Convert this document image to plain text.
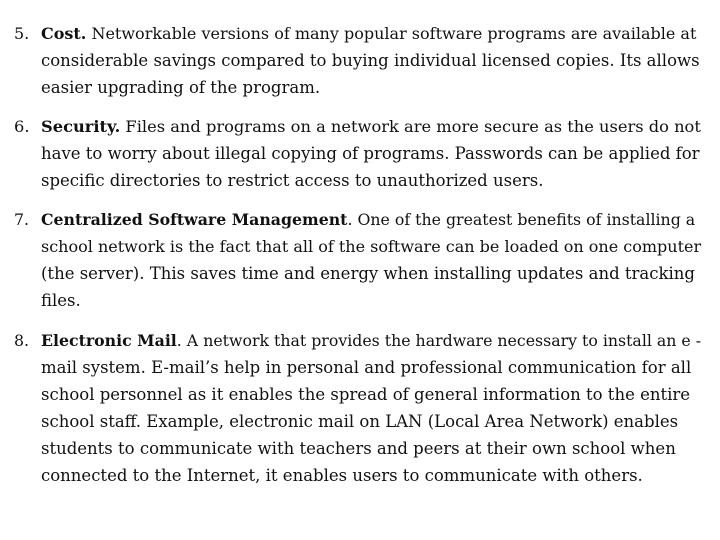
5. Cost. Networkable versions of many popular software programs are available at
considerable savings compared to buying individual licensed copies. Its allows
easier upgrading of the program.
6. Security. Files and programs on a network are more secure as the users do not
have to worry about illegal copying of programs. Passwords can be applied for
specific directories to restrict access to unauthorized users.
7. Centralized Software Management. One of the greatest benefits of installing a
school network is the fact that all of the software can be loaded on one computer
(the server). This saves time and energy when installing updates and tracking
files.
8. Electronic Mail. A network that provides the hardware necessary to install an e -
mail system. E-mail’s help in personal and professional communication for all
school personnel as it enables the spread of general information to the entire
school staff. Example, electronic mail on LAN (Local Area Network) enables
students to communicate with teachers and peers at their own school when
connected to the Internet, it enables users to communicate with others.
